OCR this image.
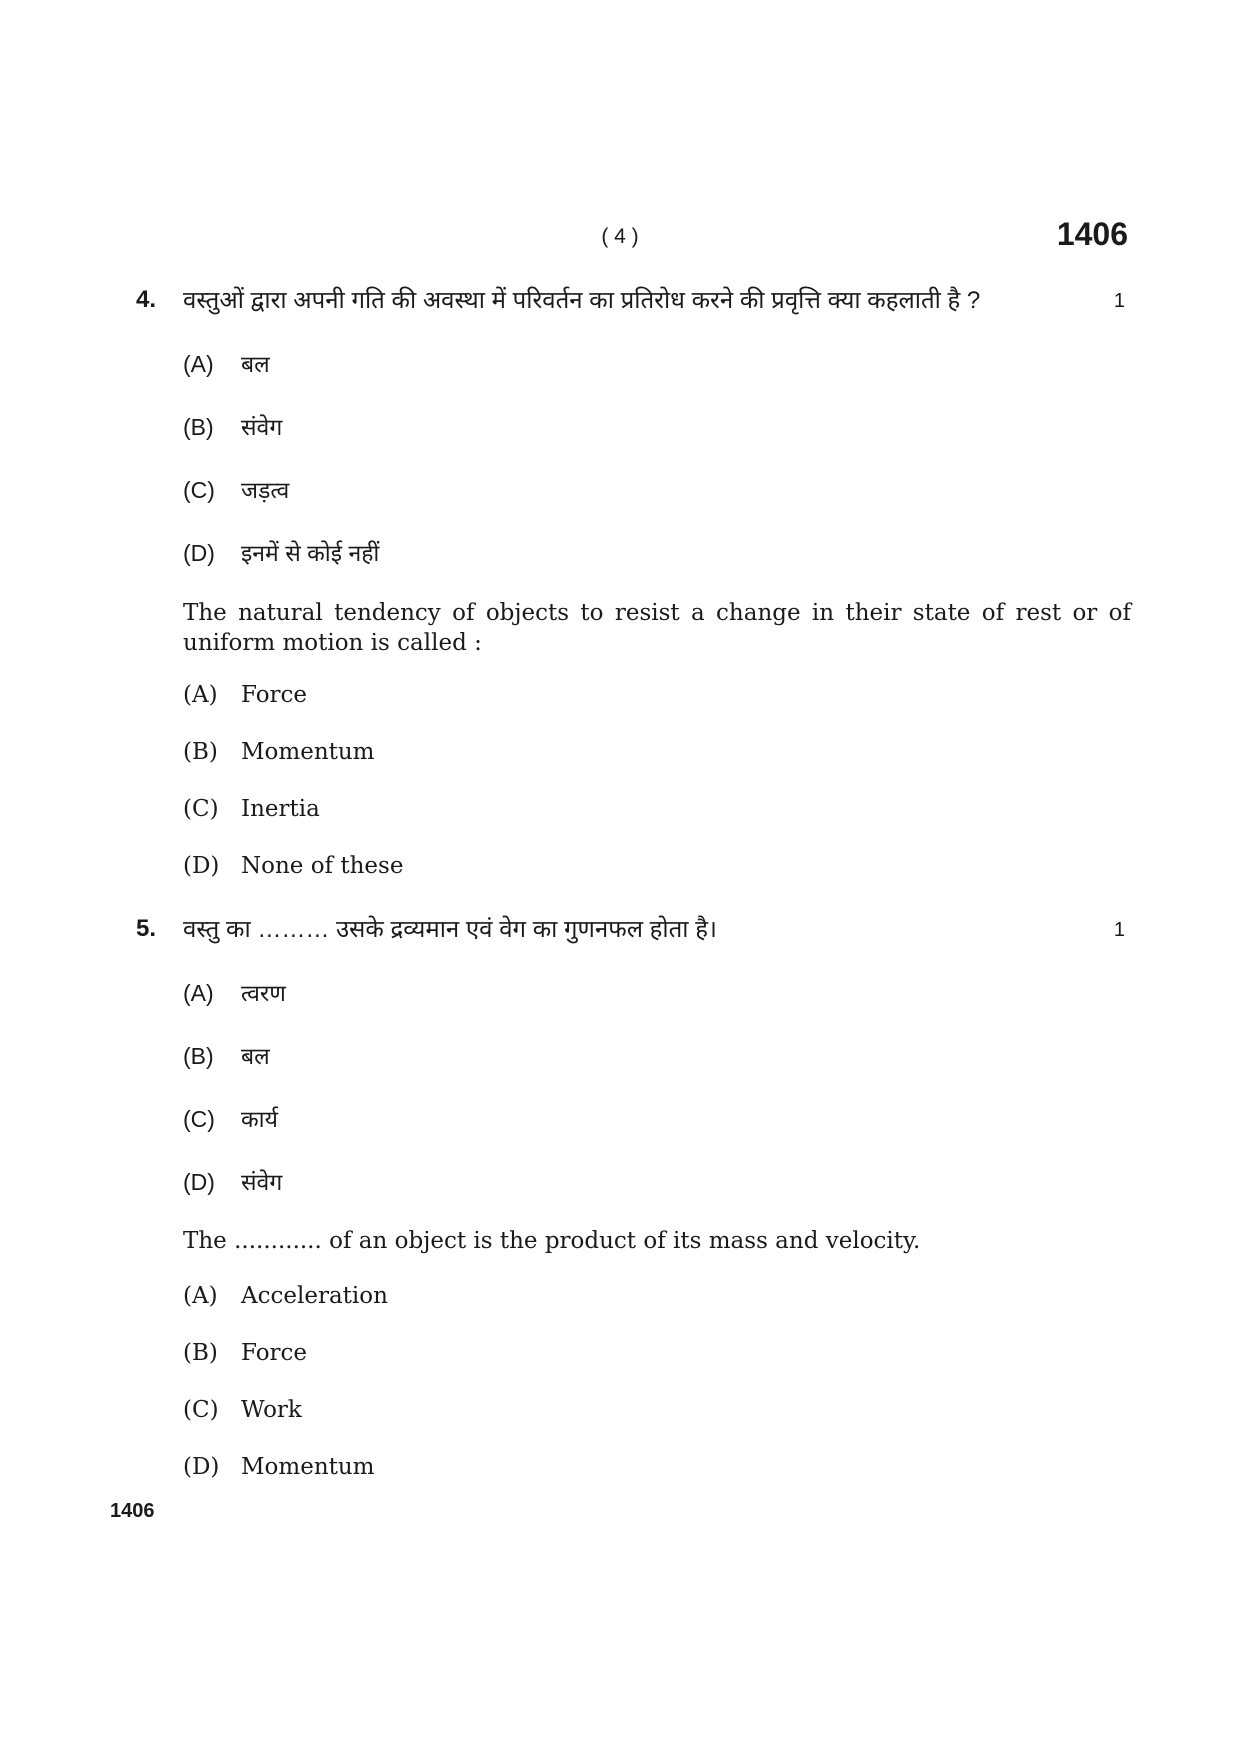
( 4 )	1406
4. वस्तुओं द्वारा अपनी गति की अवस्था में परिवर्तन का प्रतिरोध करने की प्रवृत्ति क्या कहलाती है ?	1
(A) बल
(B) संवेग
(C) जड़त्व
(D) इनमें से कोई नहीं
The natural tendency of objects to resist a change in their state of rest or of uniform motion is called :
(A) Force
(B) Momentum
(C) Inertia
(D) None of these
5. वस्तु का ……… उसके द्रव्यमान एवं वेग का गुणनफल होता है।	1
(A) त्वरण
(B) बल
(C) कार्य
(D) संवेग
The ............ of an object is the product of its mass and velocity.
(A) Acceleration
(B) Force
(C) Work
(D) Momentum
1406
